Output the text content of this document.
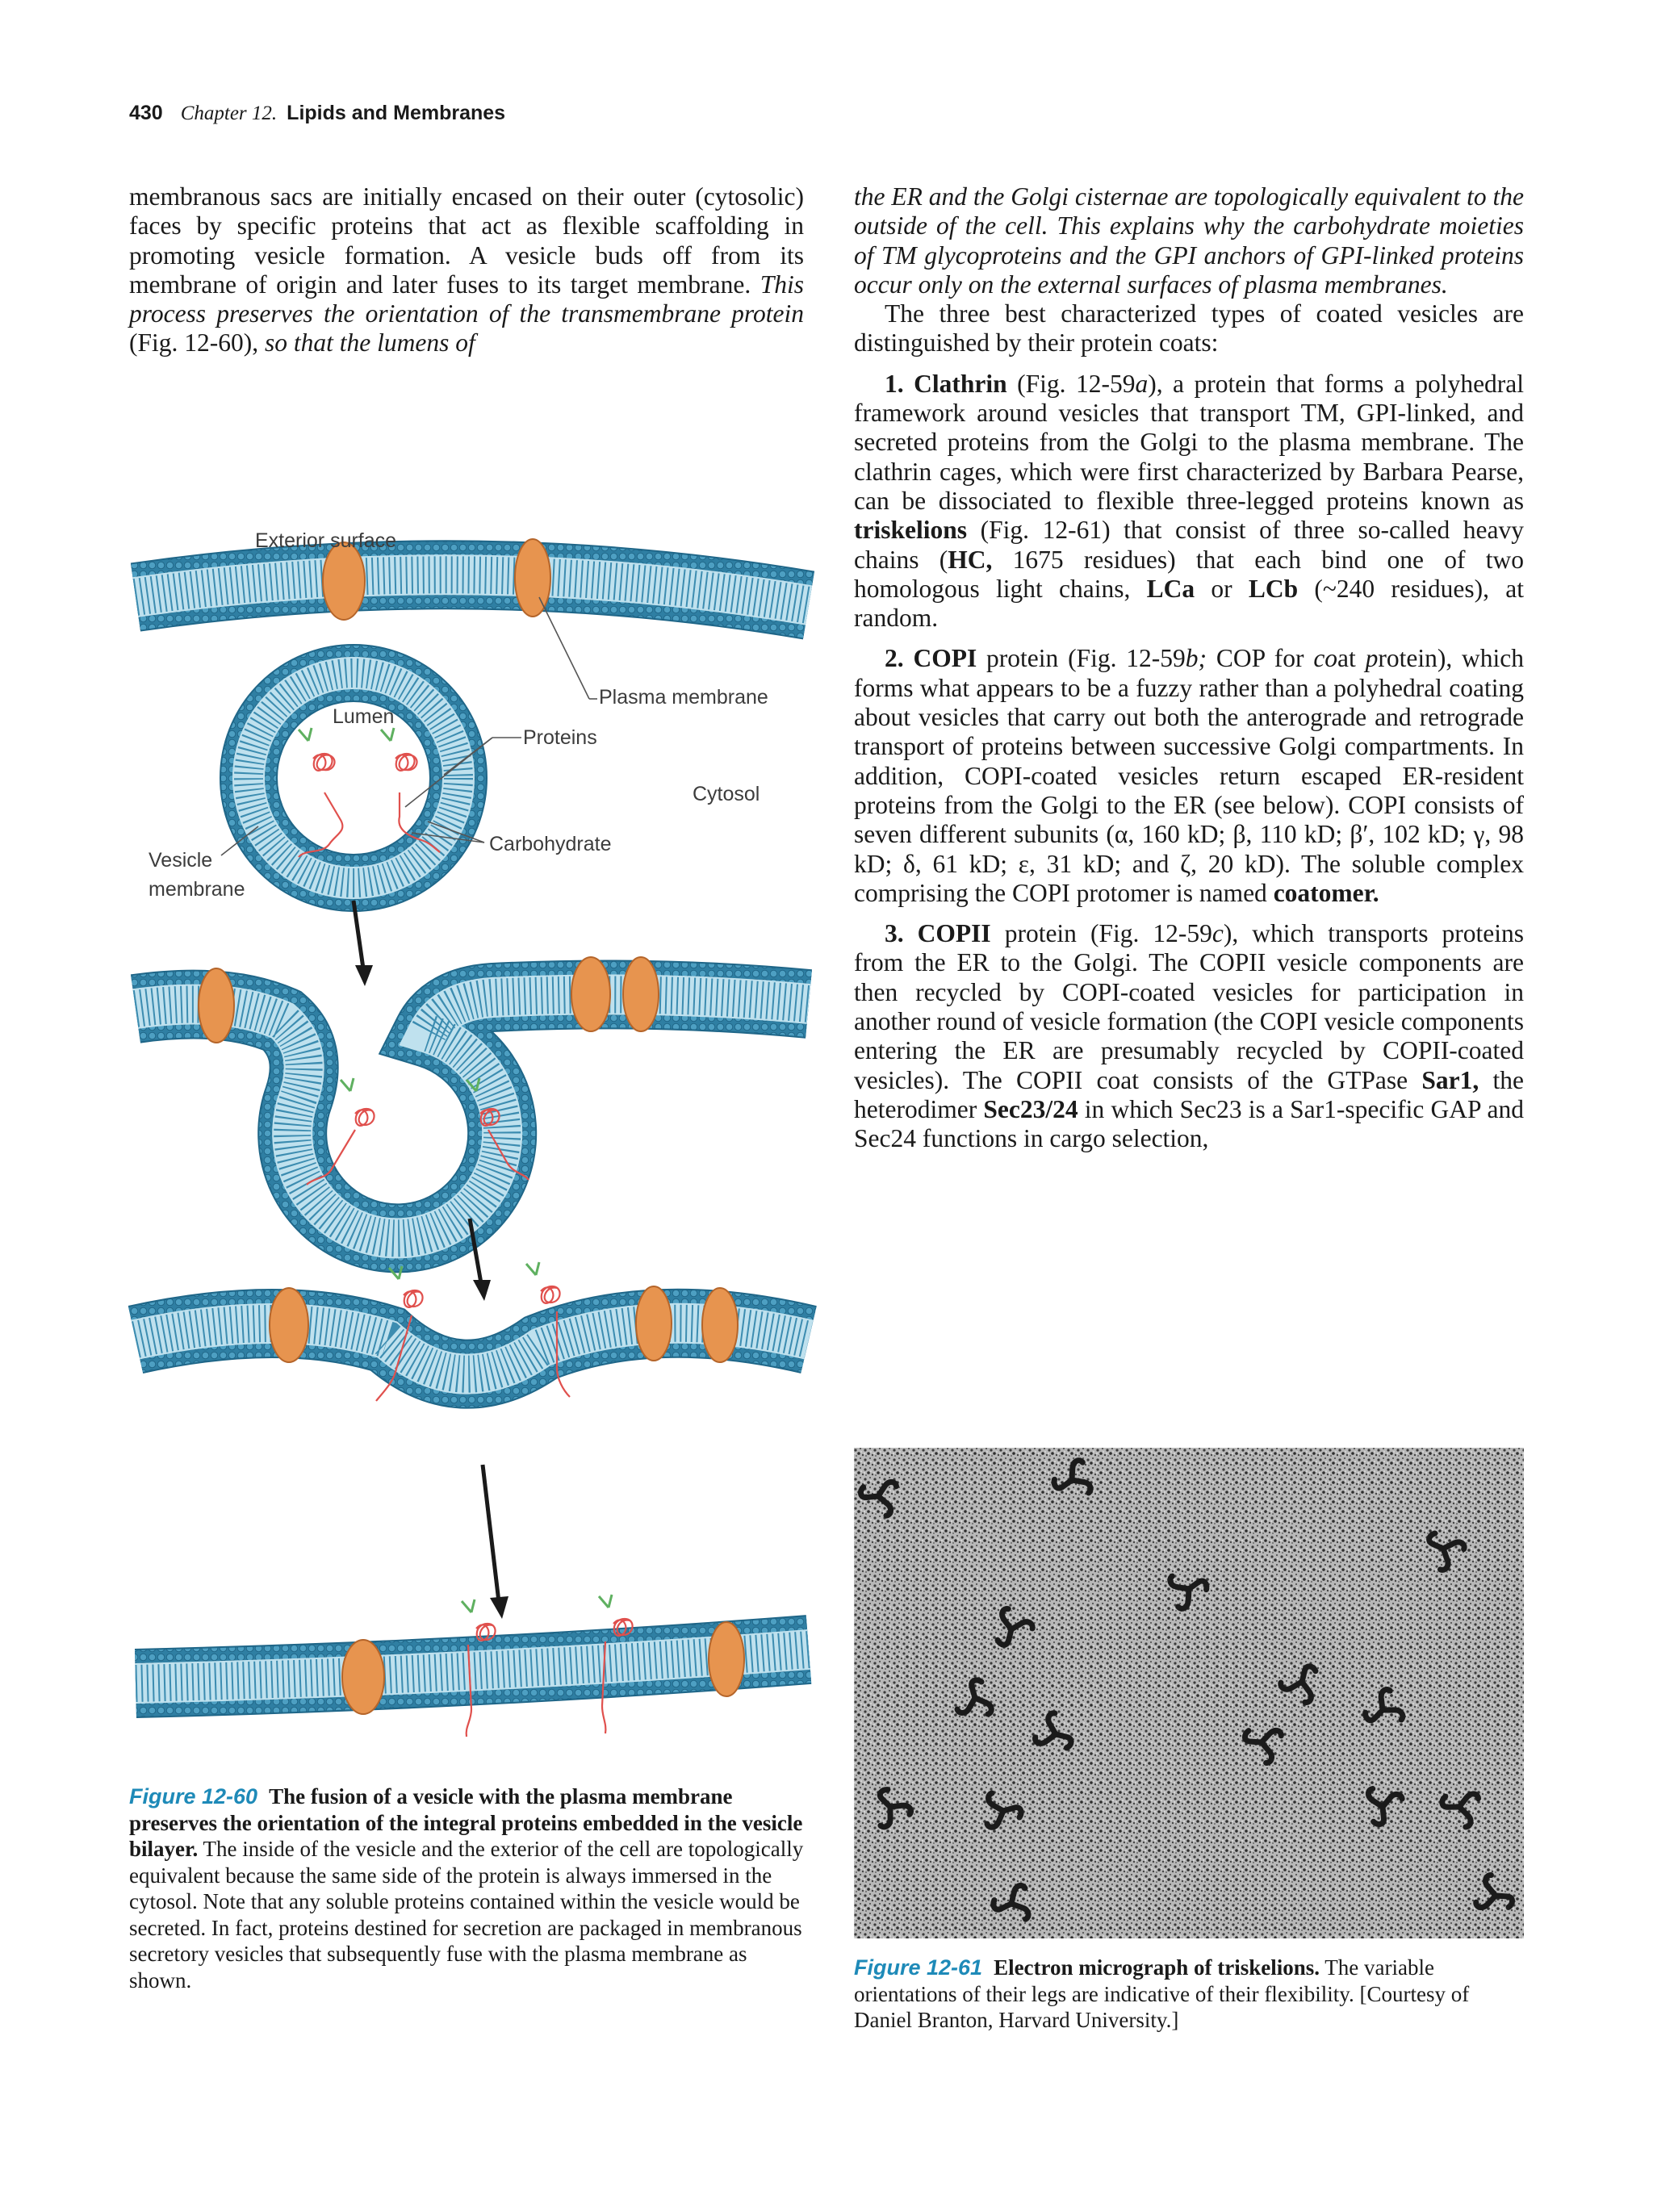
430 Chapter 12. Lipids and Membranes

membranous sacs are initially encased on their outer (cytosolic) faces by specific proteins that act as flexible scaffolding in promoting vesicle formation. A vesicle buds off from its membrane of origin and later fuses to its target membrane. This process preserves the orientation of the transmembrane protein (Fig. 12-60), so that the lumens of

the ER and the Golgi cisternae are topologically equivalent to the outside of the cell. This explains why the carbohydrate moieties of TM glycoproteins and the GPI anchors of GPI-linked proteins occur only on the external surfaces of plasma membranes.

The three best characterized types of coated vesicles are distinguished by their protein coats:

1. Clathrin (Fig. 12-59a), a protein that forms a polyhedral framework around vesicles that transport TM, GPI-linked, and secreted proteins from the Golgi to the plasma membrane. The clathrin cages, which were first characterized by Barbara Pearse, can be dissociated to flexible three-legged proteins known as triskelions (Fig. 12-61) that consist of three so-called heavy chains (HC, 1675 residues) that each bind one of two homologous light chains, LCa or LCb (~240 residues), at random.

2. COPI protein (Fig. 12-59b; COP for coat protein), which forms what appears to be a fuzzy rather than a polyhedral coating about vesicles that carry out both the anterograde and retrograde transport of proteins between successive Golgi compartments. In addition, COPI-coated vesicles return escaped ER-resident proteins from the Golgi to the ER (see below). COPI consists of seven different subunits (α, 160 kD; β, 110 kD; β′, 102 kD; γ, 98 kD; δ, 61 kD; ε, 31 kD; and ζ, 20 kD). The soluble complex comprising the COPI protomer is named coatomer.

3. COPII protein (Fig. 12-59c), which transports proteins from the ER to the Golgi. The COPII vesicle components are then recycled by COPI-coated vesicles for participation in another round of vesicle formation (the COPI vesicle components entering the ER are presumably recycled by COPII-coated vesicles). The COPII coat consists of the GTPase Sar1, the heterodimer Sec23/24 in which Sec23 is a Sar1-specific GAP and Sec24 functions in cargo selection,

Exterior surface
Plasma membrane
Lumen
Proteins
Cytosol
Carbohydrate
Vesicle
membrane
Figure 12-60 The fusion of a vesicle with the plasma membrane preserves the orientation of the integral proteins embedded in the vesicle bilayer. The inside of the vesicle and the exterior of the cell are topologically equivalent because the same side of the protein is always immersed in the cytosol. Note that any soluble proteins contained within the vesicle would be secreted. In fact, proteins destined for secretion are packaged in membranous secretory vesicles that subsequently fuse with the plasma membrane as shown.
Figure 12-61 Electron micrograph of triskelions. The variable orientations of their legs are indicative of their flexibility. [Courtesy of Daniel Branton, Harvard University.]
